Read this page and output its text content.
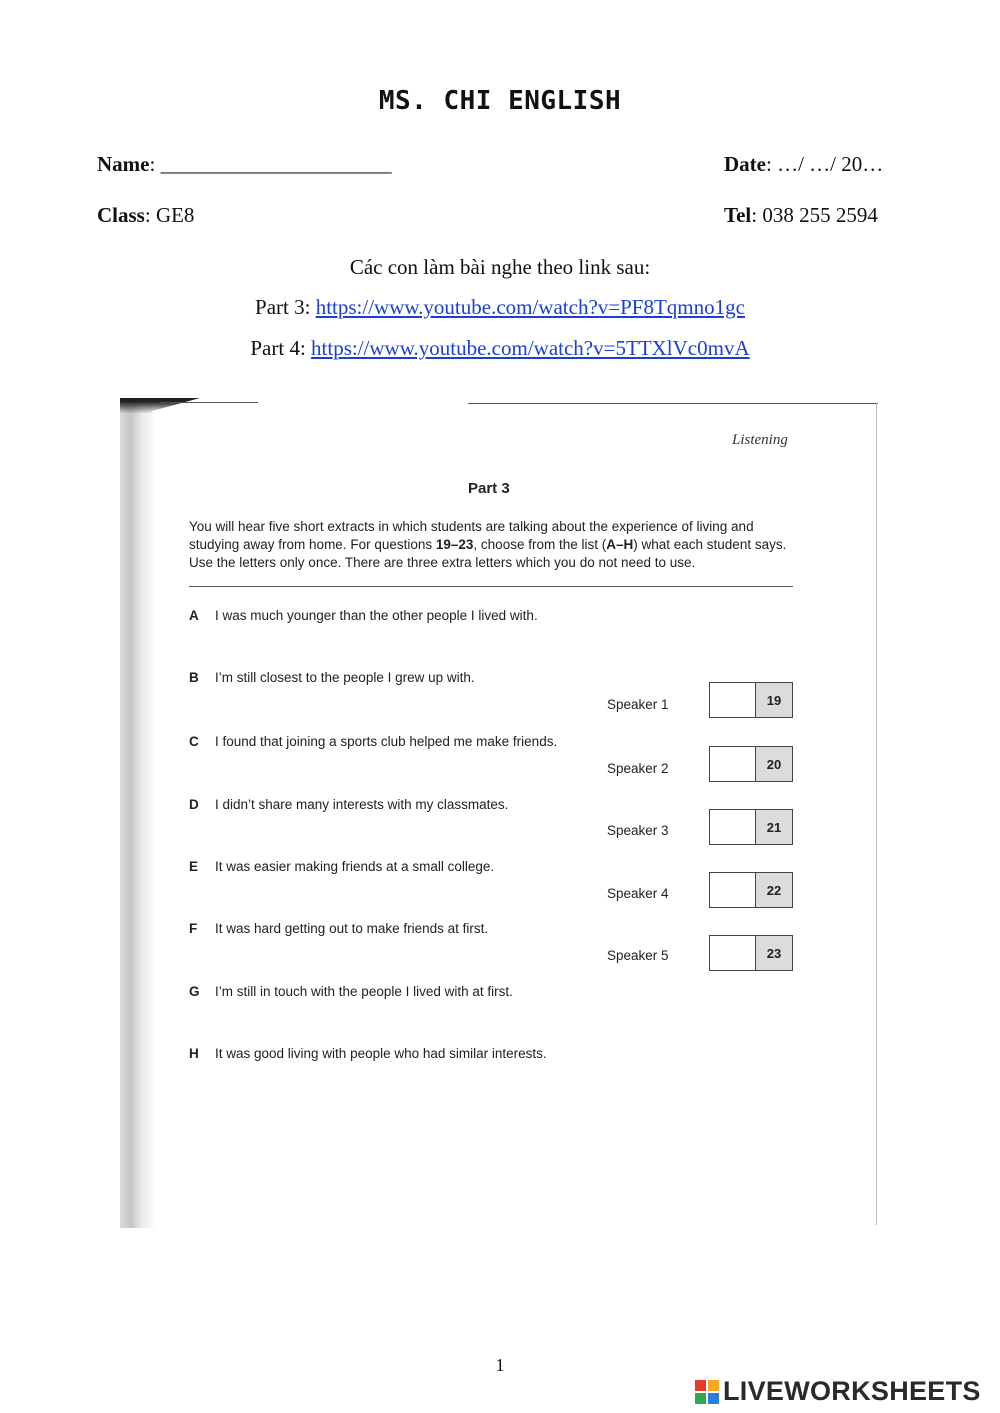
MS. CHI ENGLISH
Name: ______________________	Date: …/ …/ 20…
Class: GE8	Tel: 038 255 2594
Các con làm bài nghe theo link sau:
Part 3: https://www.youtube.com/watch?v=PF8Tqmno1gc
Part 4: https://www.youtube.com/watch?v=5TTXlVc0mvA
Listening
Part 3
You will hear five short extracts in which students are talking about the experience of living and studying away from home. For questions 19–23, choose from the list (A–H) what each student says. Use the letters only once. There are three extra letters which you do not need to use.
A I was much younger than the other people I lived with.
B I’m still closest to the people I grew up with.
C I found that joining a sports club helped me make friends.
D I didn’t share many interests with my classmates.
E It was easier making friends at a small college.
F It was hard getting out to make friends at first.
G I’m still in touch with the people I lived with at first.
H It was good living with people who had similar interests.
Speaker 1	19
Speaker 2	20
Speaker 3	21
Speaker 4	22
Speaker 5	23
1
LIVEWORKSHEETS
